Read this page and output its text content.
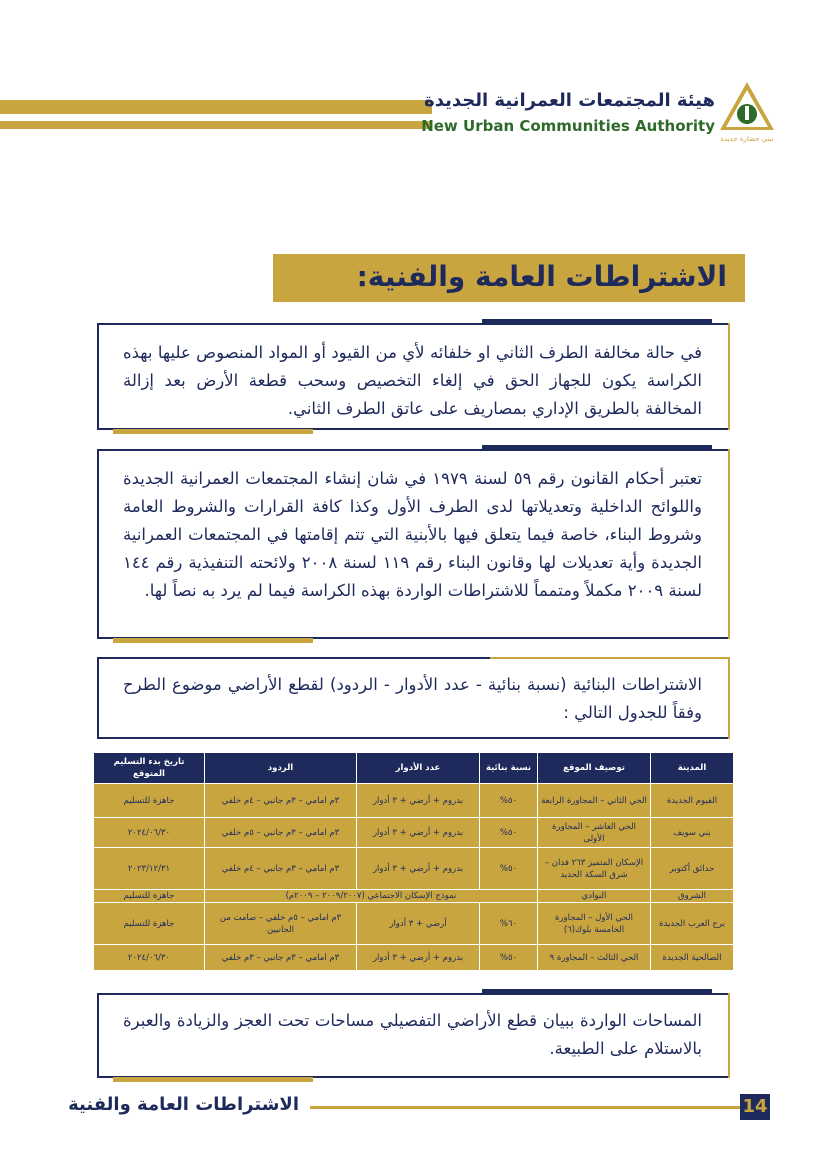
هيئة المجتمعات العمرانية الجديدة
New Urban Communities Authority
نبني حضارة جديدة
الاشتراطات العامة والفنية:

في حالة مخالفة الطرف الثاني او خلفائه لأي من القيود أو المواد المنصوص عليها بهذه الكراسة يكون للجهاز الحق في إلغاء التخصيص وسحب قطعة الأرض بعد إزالة المخالفة بالطريق الإداري بمصاريف على عاتق الطرف الثاني.

تعتبر أحكام القانون رقم ٥٩ لسنة ١٩٧٩ في شان إنشاء المجتمعات العمرانية الجديدة واللوائح الداخلية وتعديلاتها لدى الطرف الأول وكذا كافة القرارات والشروط العامة وشروط البناء، خاصة فيما يتعلق فيها بالأبنية التي تتم إقامتها في المجتمعات العمرانية الجديدة وأية تعديلات لها وقانون البناء رقم ١١٩ لسنة ٢٠٠٨ ولائحته التنفيذية رقم ١٤٤ لسنة ٢٠٠٩ مكملاً ومتمماً للاشتراطات الواردة بهذه الكراسة فيما لم يرد به نصاً لها.

الاشتراطات البنائية (نسبة بنائية - عدد الأدوار - الردود) لقطع الأراضي موضوع الطرح وفقاً للجدول التالي :

المدينة	توصيف الموقع	نسبة بنائية	عدد الأدوار	الردود	تاريخ بدء التسليم المتوقع
الفيوم الجديدة	الحي الثاني – المجاورة الرابعة	٥٠%	بدروم + أرضي + ٣ أدوار	٣م امامي – ٣م جانبي – ٤م خلفي	جاهزة للتسليم
بني سويف	الحي العاشر – المجاورة الأولى	٥٠%	بدروم + أرضي + ٣ أدوار	٣م امامي – ٣م جانبي – ٥م خلفي	٢٠٢٤/٠٦/٣٠
حدائق أكتوبر	الإسكان المتميز ٢٦٣ فدان – شرق السكة الحديد	٥٠%	بدروم + أرضي + ٣ أدوار	٣م امامي – ٣م جانبي – ٤م خلفي	٢٠٢٣/١٢/٣١
الشروق	النوادي	نموذج الإسكان الاجتماعي (٢٠٠٩/٢٠٠٧ – ٢٠٠٩م)			جاهزة للتسليم
برج العرب الجديدة	الحي الأول – المجاورة الخامسة بلوك(٦)	٦٠%	أرضي + ٣ أدوار	٣م امامي – ٥م خلفي – صامت من الجانبين	جاهزة للتسليم
الصالحية الجديدة	الحي الثالث – المجاورة ٩	٥٠%	بدروم + أرضي + ٣ أدوار	٣م امامي – ٣م جانبي – ٣م خلفي	٢٠٢٤/٠٦/٣٠

المساحات الواردة ببيان قطع الأراضي التفصيلي مساحات تحت العجز والزيادة والعبرة بالاستلام على الطبيعة.

الاشتراطات العامة والفنية	14
